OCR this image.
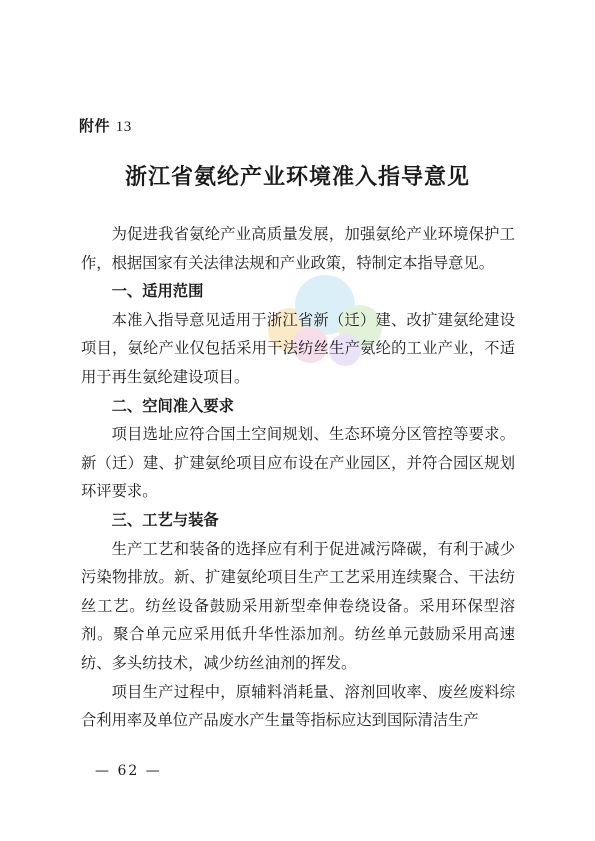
附件 13
浙江省氨纶产业环境准入指导意见

为促进我省氨纶产业高质量发展，加强氨纶产业环境保护工作，根据国家有关法律法规和产业政策，特制定本指导意见。

一、适用范围

本准入指导意见适用于浙江省新（迁）建、改扩建氨纶建设项目，氨纶产业仅包括采用干法纺丝生产氨纶的工业产业，不适用于再生氨纶建设项目。

二、空间准入要求

项目选址应符合国土空间规划、生态环境分区管控等要求。新（迁）建、扩建氨纶项目应布设在产业园区，并符合园区规划环评要求。

三、工艺与装备

生产工艺和装备的选择应有利于促进减污降碳，有利于减少污染物排放。新、扩建氨纶项目生产工艺采用连续聚合、干法纺丝工艺。纺丝设备鼓励采用新型牵伸卷绕设备。采用环保型溶剂。聚合单元应采用低升华性添加剂。纺丝单元鼓励采用高速纺、多头纺技术，减少纺丝油剂的挥发。

项目生产过程中，原辅料消耗量、溶剂回收率、废丝废料综合利用率及单位产品废水产生量等指标应达到国际清洁生产

— 62 —
